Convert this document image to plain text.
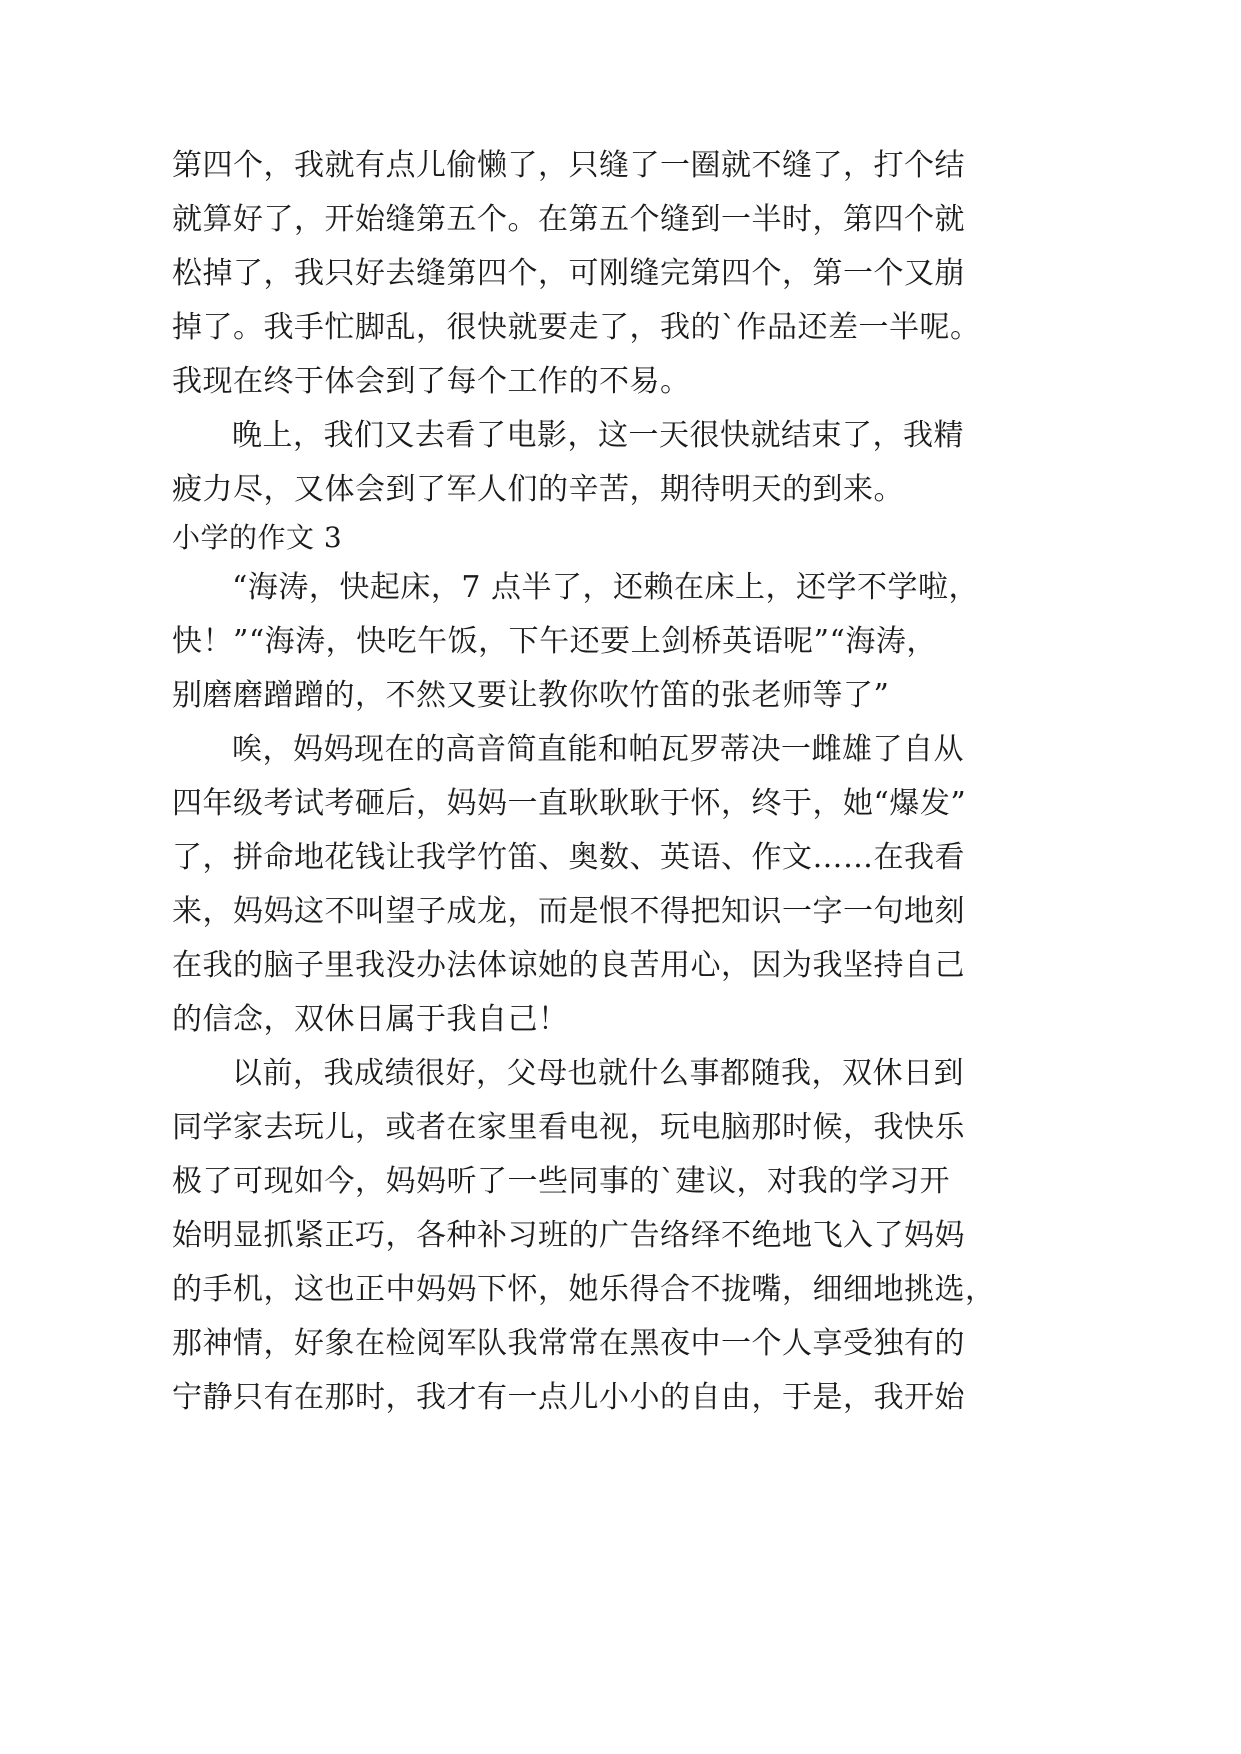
第四个，我就有点儿偷懒了，只缝了一圈就不缝了，打个结
就算好了，开始缝第五个。在第五个缝到一半时，第四个就
松掉了，我只好去缝第四个，可刚缝完第四个，第一个又崩
掉了。我手忙脚乱，很快就要走了，我的`作品还差一半呢。
我现在终于体会到了每个工作的不易。
晚上，我们又去看了电影，这一天很快就结束了，我精
疲力尽，又体会到了军人们的辛苦，期待明天的到来。
小学的作文 3
“海涛，快起床，7 点半了，还赖在床上，还学不学啦，
快！”“海涛，快吃午饭，下午还要上剑桥英语呢”“海涛，
别磨磨蹭蹭的，不然又要让教你吹竹笛的张老师等了”
唉，妈妈现在的高音简直能和帕瓦罗蒂决一雌雄了自从
四年级考试考砸后，妈妈一直耿耿耿于怀，终于，她“爆发”
了，拼命地花钱让我学竹笛、奥数、英语、作文……在我看
来，妈妈这不叫望子成龙，而是恨不得把知识一字一句地刻
在我的脑子里我没办法体谅她的良苦用心，因为我坚持自己
的信念，双休日属于我自己！
以前，我成绩很好，父母也就什么事都随我，双休日到
同学家去玩儿，或者在家里看电视，玩电脑那时候，我快乐
极了可现如今，妈妈听了一些同事的`建议，对我的学习开
始明显抓紧正巧，各种补习班的广告络绎不绝地飞入了妈妈
的手机，这也正中妈妈下怀，她乐得合不拢嘴，细细地挑选，
那神情，好象在检阅军队我常常在黑夜中一个人享受独有的
宁静只有在那时，我才有一点儿小小的自由，于是，我开始
